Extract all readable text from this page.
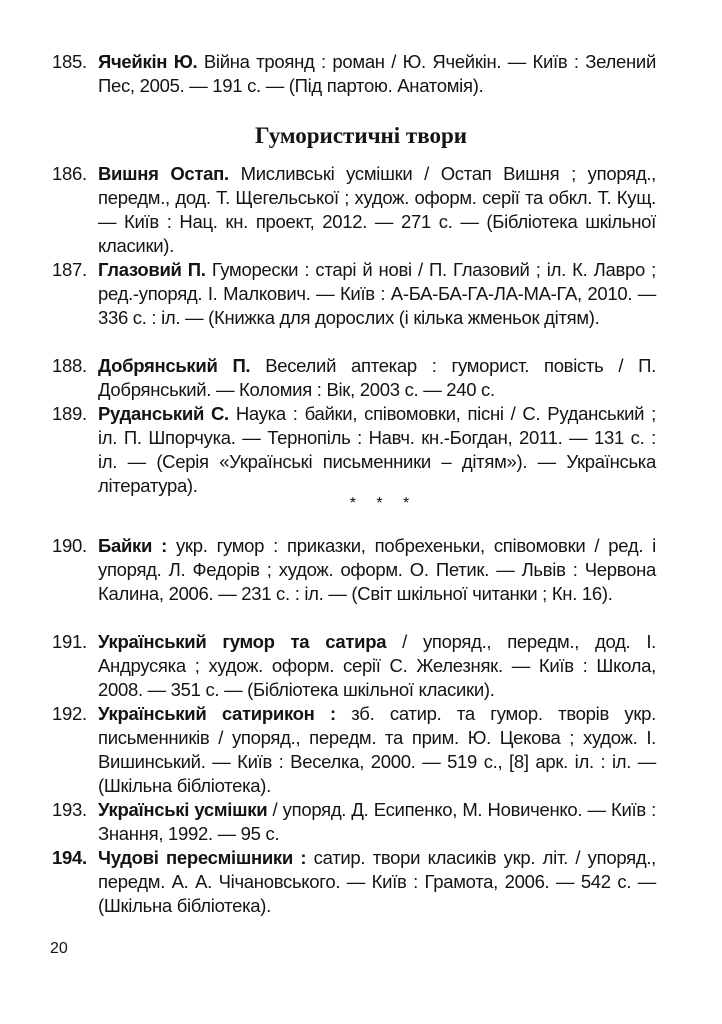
185. Ячейкін Ю. Війна троянд : роман / Ю. Ячейкін. — Київ : Зелений Пес, 2005. — 191 с. — (Під партою. Анатомія).
Гумористичні твори
186. Вишня Остап. Мисливські усмішки / Остап Вишня ; упоряд., передм., дод. Т. Щегельської ; худож. оформ. серії та обкл. Т. Кущ. — Київ : Нац. кн. проект, 2012. — 271 с. — (Бібліотека шкільної класики).
187. Глазовий П. Гуморески : старі й нові / П. Глазовий ; іл. К. Лавро ; ред.-упоряд. І. Малкович. — Київ : А-БА-БА-ГА-ЛА-МА-ГА, 2010. — 336 с. : іл. — (Книжка для дорослих (і кілька жменьок дітям).
188. Добрянський П. Веселий аптекар : гуморист. повість / П. Добрянський. — Коломия : Вік, 2003 с. — 240 с.
189. Руданський С. Наука : байки, співомовки, пісні / С. Руданський ; іл. П. Шпорчука. — Тернопіль : Навч. кн.-Богдан, 2011. — 131 с. : іл. — (Серія «Українські письменники – дітям»). — Українська література).
* * *
190. Байки : укр. гумор : приказки, побрехеньки, співомовки / ред. і упоряд. Л. Федорів ; худож. оформ. О. Петик. — Львів : Червона Калина, 2006. — 231 с. : іл. — (Світ шкільної читанки ; Кн. 16).
191. Український гумор та сатира / упоряд., передм., дод. І. Андрусяка ; худож. оформ. серії С. Железняк. — Київ : Школа, 2008. — 351 с. — (Бібліотека шкільної класики).
192. Український сатирикон : зб. сатир. та гумор. творів укр. письменників / упоряд., передм. та прим. Ю. Цекова ; худож. І. Вишинський. — Київ : Веселка, 2000. — 519 с., [8] арк. іл. : іл. — (Шкільна бібліотека).
193. Українські усмішки / упоряд. Д. Есипенко, М. Новиченко. — Київ : Знання, 1992. — 95 с.
194. Чудові пересмішники : сатир. твори класиків укр. літ. / упоряд., передм. А. А. Чічановського. — Київ : Грамота, 2006. — 542 с. — (Шкільна бібліотека).
20
